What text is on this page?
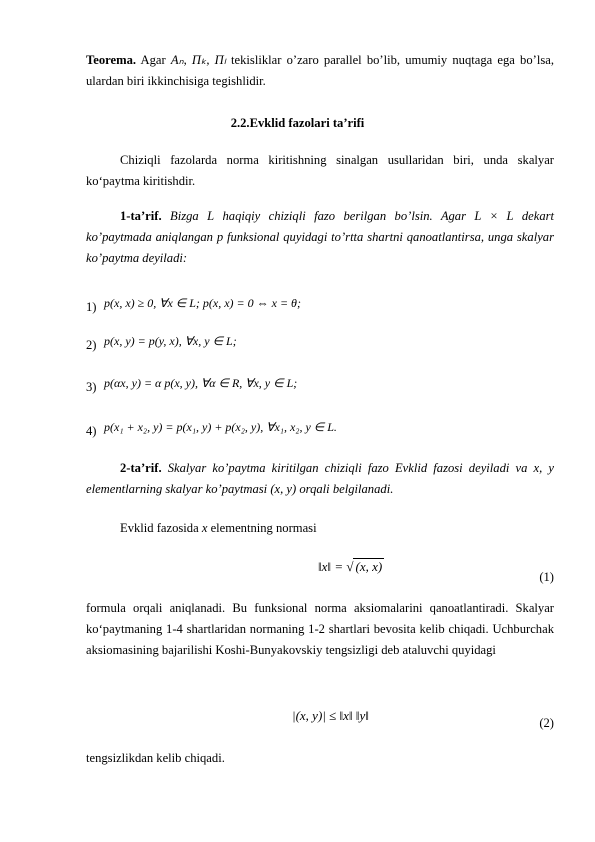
Teorema. Agar Aₙ, Πₖ, Πₗ tekisliklar o’zaro parallel bo’lib, umumiy nuqtaga ega bo’lsa, ulardan biri ikkinchisiga tegishlidir.
2.2.Evklid fazolari ta’rifi
Chiziqli fazolarda norma kiritishning sinalgan usullaridan biri, unda skalyar ko‘paytma kiritishdir.
1-ta’rif. Bizga L haqiqiy chiziqli fazo berilgan bo’lsin. Agar L × L dekart ko’paytmada aniqlangan p funksional quyidagi to’rtta shartni qanoatlantirsa, unga skalyar ko’paytma deyiladi:
1) p(x, x) ≥ 0, ∀x ∈ L; p(x, x) = 0 ⇔ x = θ;
2) p(x, y) = p(y, x), ∀x, y ∈ L;
3) p(αx, y) = α p(x, y), ∀α ∈ R, ∀x, y ∈ L;
4) p(x₁ + x₂, y) = p(x₁, y) + p(x₂, y), ∀x₁, x₂, y ∈ L.
2-ta’rif. Skalyar ko’paytma kiritilgan chiziqli fazo Evklid fazosi deyiladi va x, y elementlarning skalyar ko’paytmasi (x, y) orqali belgilanadi.
Evklid fazosida x elementning normasi
‖x‖ = √ (x, x)
(1)
formula orqali aniqlanadi. Bu funksional norma aksiomalarini qanoatlantiradi. Skalyar ko‘paytmaning 1-4 shartlaridan normaning 1-2 shartlari bevosita kelib chiqadi. Uchburchak aksiomasining bajarilishi Koshi-Bunyakovskiy tengsizligi deb ataluvchi quyidagi
|(x, y)| ≤ ‖x‖ ‖y‖	(2)
tengsizlikdan kelib chiqadi.
